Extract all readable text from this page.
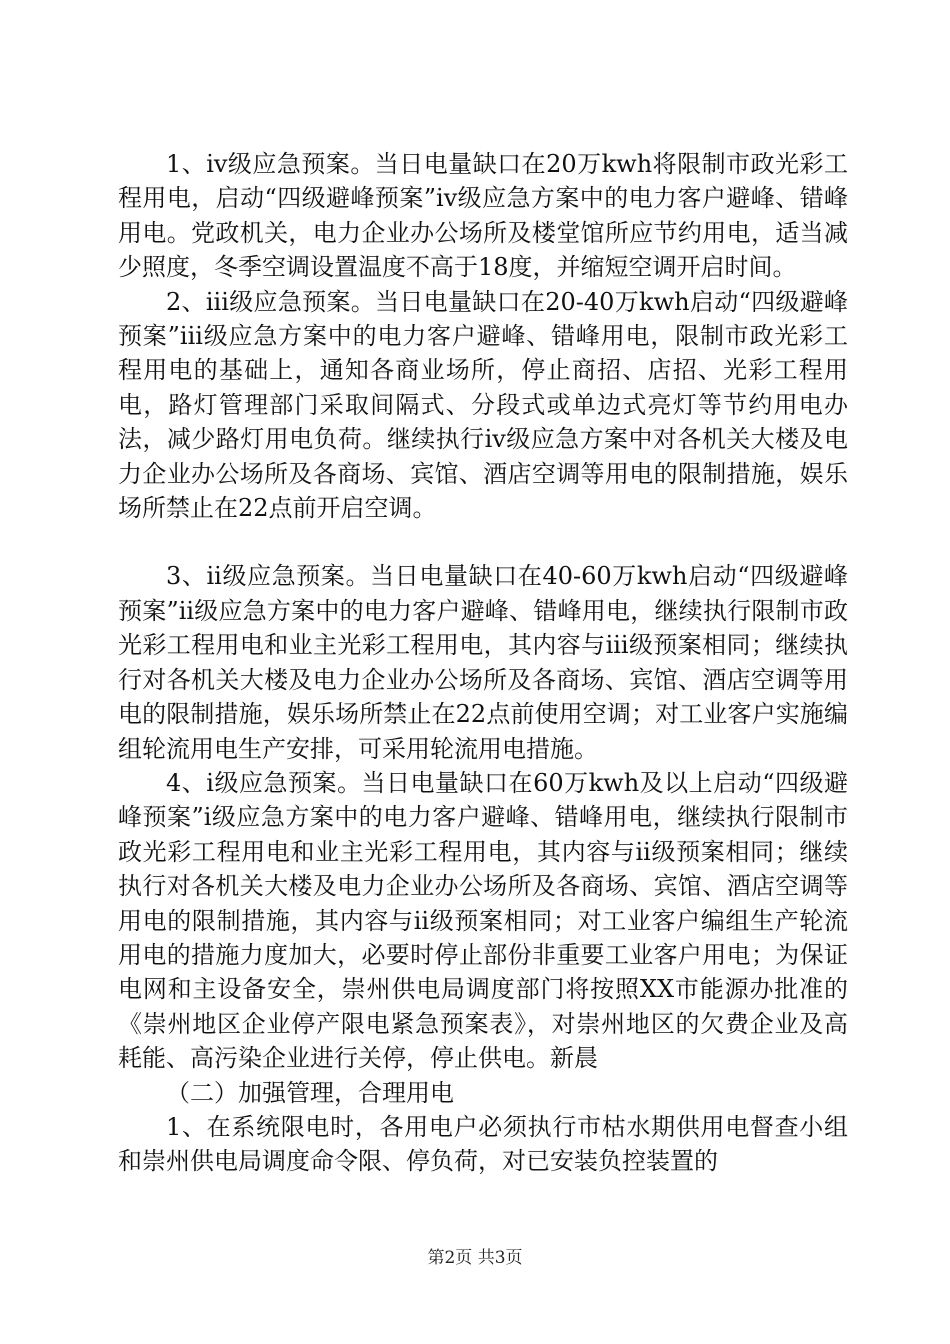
1、iv级应急预案。当日电量缺口在20万kwh将限制市政光彩工程用电，启动“四级避峰预案”iv级应急方案中的电力客户避峰、错峰用电。党政机关，电力企业办公场所及楼堂馆所应节约用电，适当减少照度，冬季空调设置温度不高于18度，并缩短空调开启时间。

2、iii级应急预案。当日电量缺口在20-40万kwh启动“四级避峰预案”iii级应急方案中的电力客户避峰、错峰用电，限制市政光彩工程用电的基础上，通知各商业场所，停止商招、店招、光彩工程用电，路灯管理部门采取间隔式、分段式或单边式亮灯等节约用电办法，减少路灯用电负荷。继续执行iv级应急方案中对各机关大楼及电力企业办公场所及各商场、宾馆、酒店空调等用电的限制措施，娱乐场所禁止在22点前开启空调。

3、ii级应急预案。当日电量缺口在40-60万kwh启动“四级避峰预案”ii级应急方案中的电力客户避峰、错峰用电，继续执行限制市政光彩工程用电和业主光彩工程用电，其内容与iii级预案相同；继续执行对各机关大楼及电力企业办公场所及各商场、宾馆、酒店空调等用电的限制措施，娱乐场所禁止在22点前使用空调；对工业客户实施编组轮流用电生产安排，可采用轮流用电措施。

4、i级应急预案。当日电量缺口在60万kwh及以上启动“四级避峰预案”i级应急方案中的电力客户避峰、错峰用电，继续执行限制市政光彩工程用电和业主光彩工程用电，其内容与ii级预案相同；继续执行对各机关大楼及电力企业办公场所及各商场、宾馆、酒店空调等用电的限制措施，其内容与ii级预案相同；对工业客户编组生产轮流用电的措施力度加大，必要时停止部份非重要工业客户用电；为保证电网和主设备安全，崇州供电局调度部门将按照XX市能源办批准的《崇州地区企业停产限电紧急预案表》，对崇州地区的欠费企业及高耗能、高污染企业进行关停，停止供电。新晨

（二）加强管理，合理用电

1、在系统限电时，各用电户必须执行市枯水期供用电督查小组和崇州供电局调度命令限、停负荷，对已安装负控装置的

第2页 共3页
